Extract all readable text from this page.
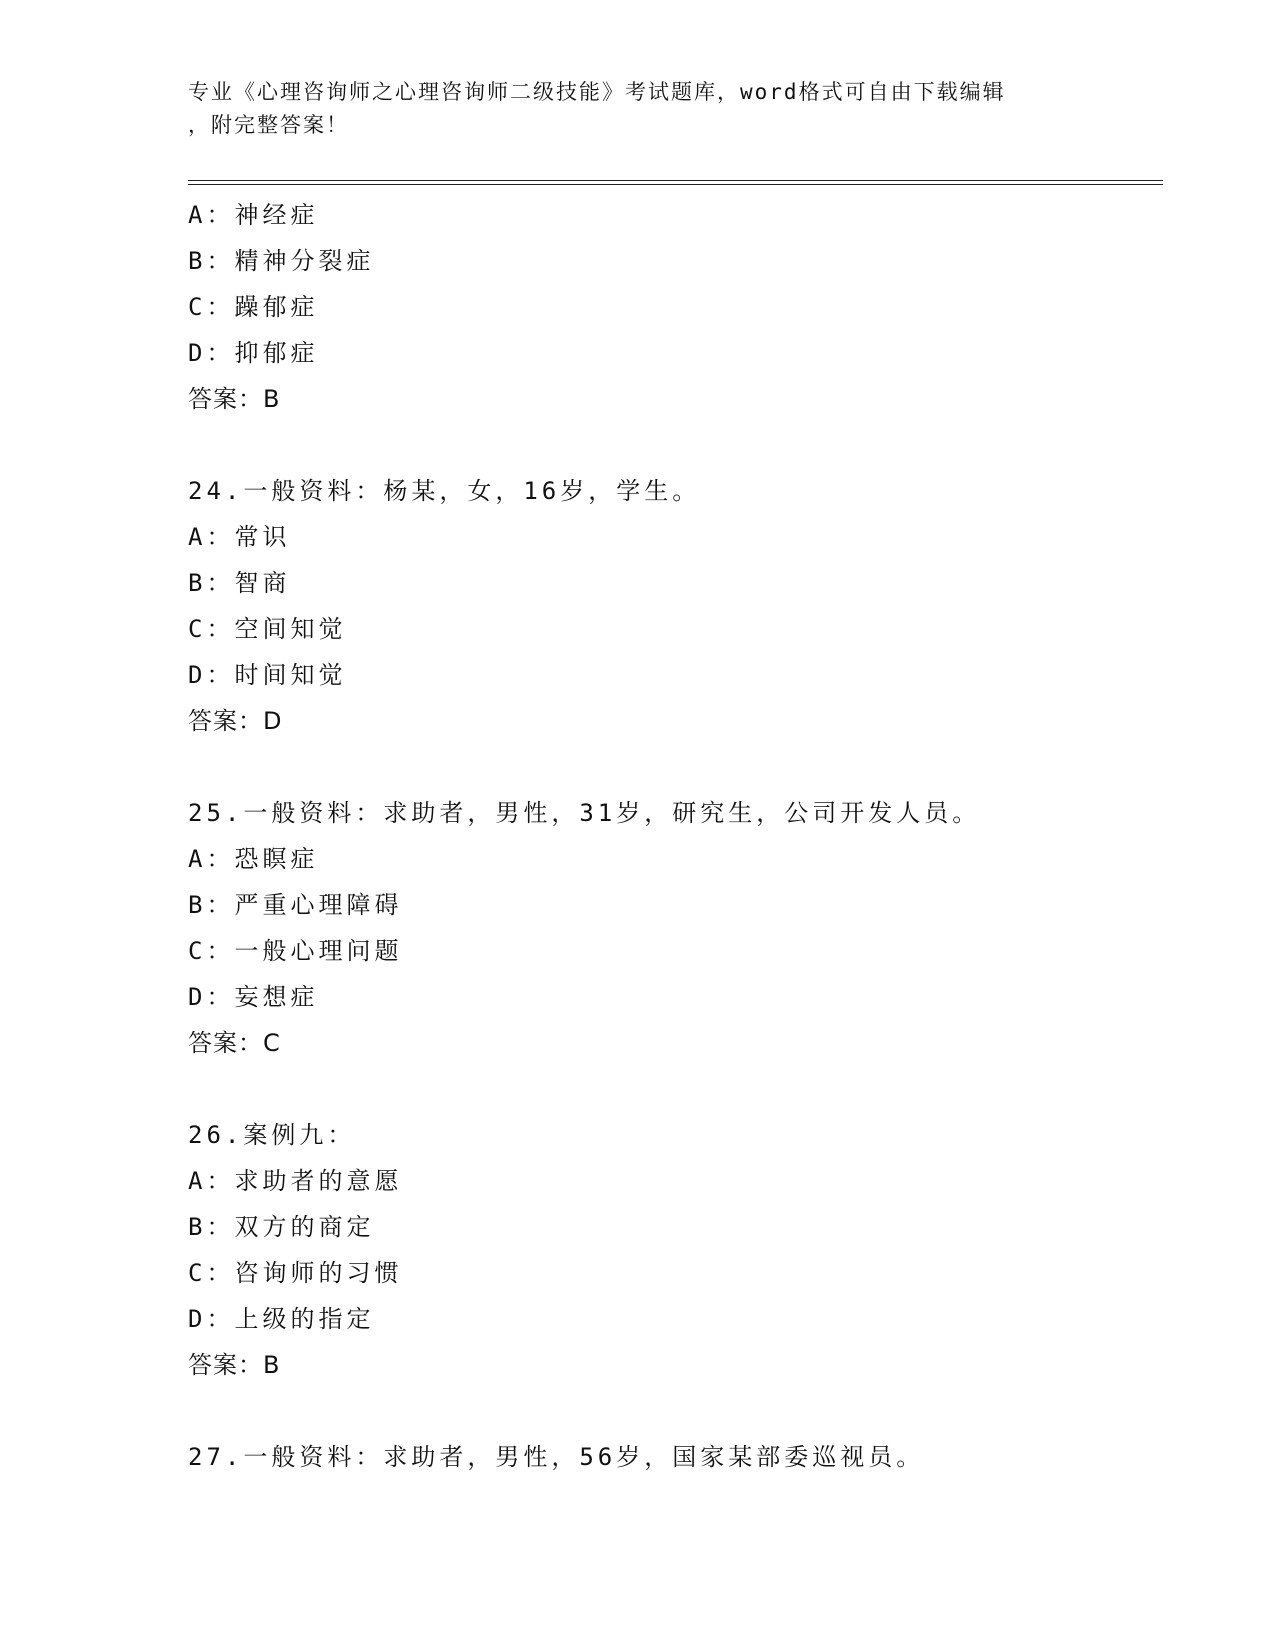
专业《心理咨询师之心理咨询师二级技能》考试题库，word格式可自由下载编辑
，附完整答案！
A：神经症
B：精神分裂症
C：躁郁症
D：抑郁症
答案：B
24.一般资料：杨某，女，16岁，学生。
A：常识
B：智商
C：空间知觉
D：时间知觉
答案：D
25.一般资料：求助者，男性，31岁，研究生，公司开发人员。
A：恐瞑症
B：严重心理障碍
C：一般心理问题
D：妄想症
答案：C
26.案例九：
A：求助者的意愿
B：双方的商定
C：咨询师的习惯
D：上级的指定
答案：B
27.一般资料：求助者，男性，56岁，国家某部委巡视员。
